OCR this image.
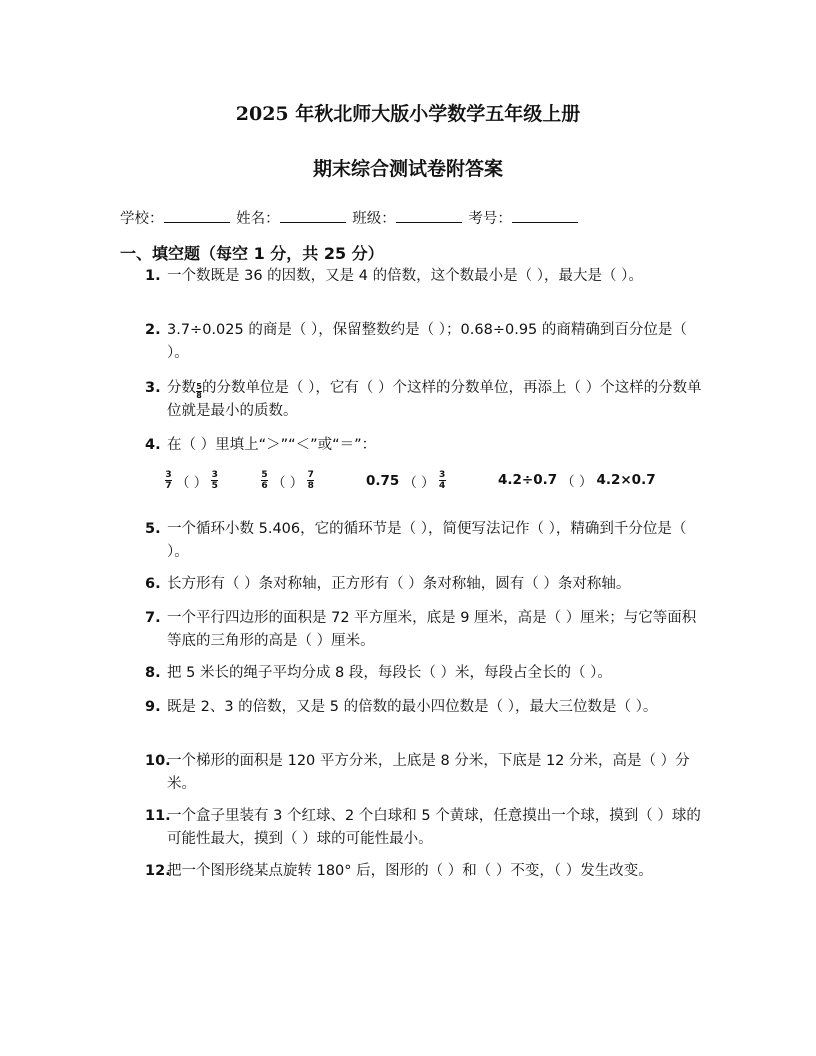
2025 年秋北师大版小学数学五年级上册
期末综合测试卷附答案
学校：	姓名：	班级：	考号：
一、填空题（每空 1 分，共 25 分）
1. 一个数既是 36 的因数，又是 4 的倍数，这个数最小是（ ），最大是（ ）。
2. 3.7÷0.025 的商是（ ），保留整数约是（ ）；0.68÷0.95 的商精确到百分位是（ ）。
3. 分数 $\frac{5}{8}$ 的分数单位是（ ），它有（ ）个这样的分数单位，再添上（ ）个这样的分数单位就是最小的质数。
4. 在（ ）里填上“＞”“＜”或“＝”：
$\frac{3}{7}$ （ ） $\frac{3}{5}$	$\frac{5}{6}$ （ ） $\frac{7}{8}$	0.75 （ ） $\frac{3}{4}$	4.2÷0.7 （ ） 4.2×0.7
5. 一个循环小数 5.406，它的循环节是（ ），简便写法记作（ ），精确到千分位是（ ）。
6. 长方形有（ ）条对称轴，正方形有（ ）条对称轴，圆有（ ）条对称轴。
7. 一个平行四边形的面积是 72 平方厘米，底是 9 厘米，高是（ ）厘米；与它等面积等底的三角形的高是（ ）厘米。
8. 把 5 米长的绳子平均分成 8 段，每段长（ ）米，每段占全长的（ ）。
9. 既是 2、3 的倍数，又是 5 的倍数的最小四位数是（ ），最大三位数是（ ）。
10.
一个梯形的面积是 120 平方分米，上底是 8 分米，下底是 12 分米，高是（ ）分米。
11.
一个盒子里装有 3 个红球、2 个白球和 5 个黄球，任意摸出一个球，摸到（ ）球的可能性最大，摸到（ ）球的可能性最小。
12.
把一个图形绕某点旋转 180° 后，图形的（ ）和（ ）不变，（ ）发生改变。
